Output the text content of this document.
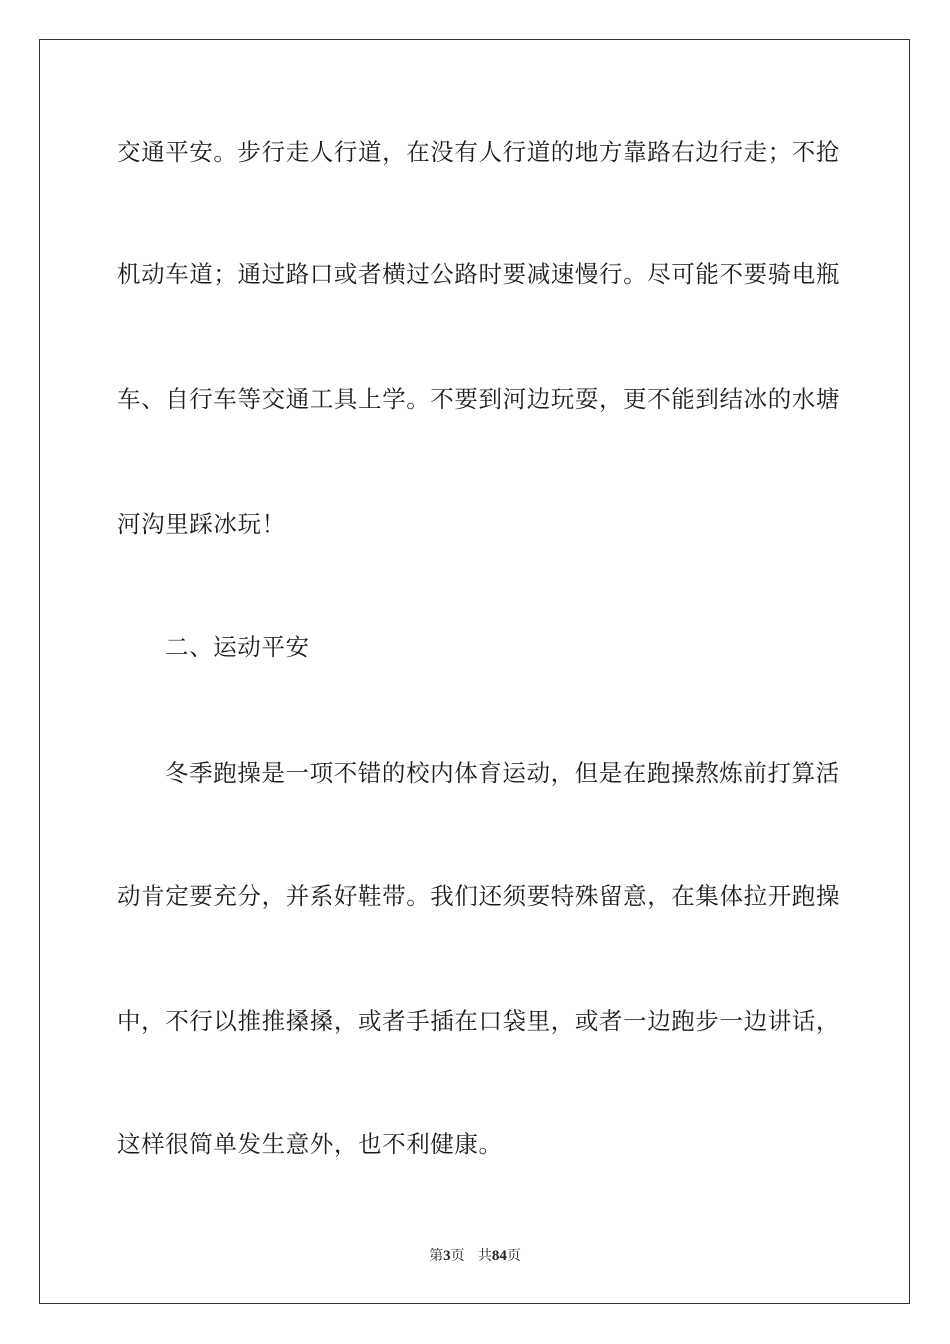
交通平安。步行走人行道，在没有人行道的地方靠路右边行走；不抢
机动车道；通过路口或者横过公路时要减速慢行。尽可能不要骑电瓶
车、自行车等交通工具上学。不要到河边玩耍，更不能到结冰的水塘
河沟里踩冰玩！
二、运动平安
冬季跑操是一项不错的校内体育运动，但是在跑操熬炼前打算活
动肯定要充分，并系好鞋带。我们还须要特殊留意，在集体拉开跑操
中，不行以推推搡搡，或者手插在口袋里，或者一边跑步一边讲话，
这样很简单发生意外，也不利健康。
第3页 共84页
